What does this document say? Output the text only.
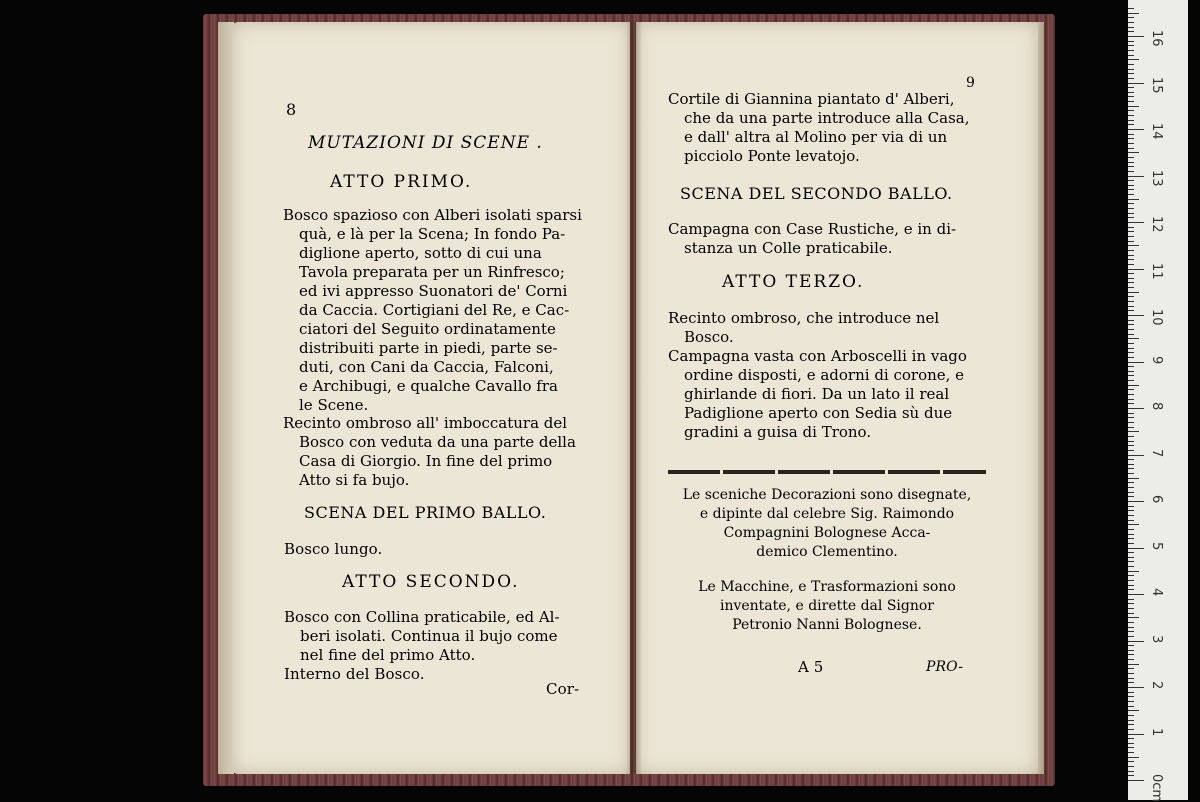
8
MUTAZIONI DI SCENE .
ATTO PRIMO.
Bosco spazioso con Alberi isolati sparsi
quà, e là per la Scena; In fondo Pa-
diglione aperto, sotto di cui una
Tavola preparata per un Rinfresco;
ed ivi appresso Suonatori de' Corni
da Caccia. Cortigiani del Re, e Cac-
ciatori del Seguito ordinatamente
distribuiti parte in piedi, parte se-
duti, con Cani da Caccia, Falconi,
e Archibugi, e qualche Cavallo fra
le Scene.
Recinto ombroso all' imboccatura del
Bosco con veduta da una parte della
Casa di Giorgio. In fine del primo
Atto si fa bujo.
SCENA DEL PRIMO BALLO.
Bosco lungo.
ATTO SECONDO.
Bosco con Collina praticabile, ed Al-
beri isolati. Continua il bujo come
nel fine del primo Atto.
Interno del Bosco.
Cor-
9
Cortile di Giannina piantato d' Alberi,
che da una parte introduce alla Casa,
e dall' altra al Molino per via di un
picciolo Ponte levatojo.
SCENA DEL SECONDO BALLO.
Campagna con Case Rustiche, e in di-
stanza un Colle praticabile.
ATTO TERZO.
Recinto ombroso, che introduce nel
Bosco.
Campagna vasta con Arboscelli in vago
ordine disposti, e adorni di corone, e
ghirlande di fiori. Da un lato il real
Padiglione aperto con Sedia sù due
gradini a guisa di Trono.
Le sceniche Decorazioni sono disegnate,
e dipinte dal celebre Sig. Raimondo
Compagnini Bolognese Acca-
demico Clementino.
Le Macchine, e Trasformazioni sono
inventate, e dirette dal Signor
Petronio Nanni Bolognese.
A 5	PRO-
0cm
1
2
3
4
5
6
7
8
9
10
11
12
13
14
15
16
